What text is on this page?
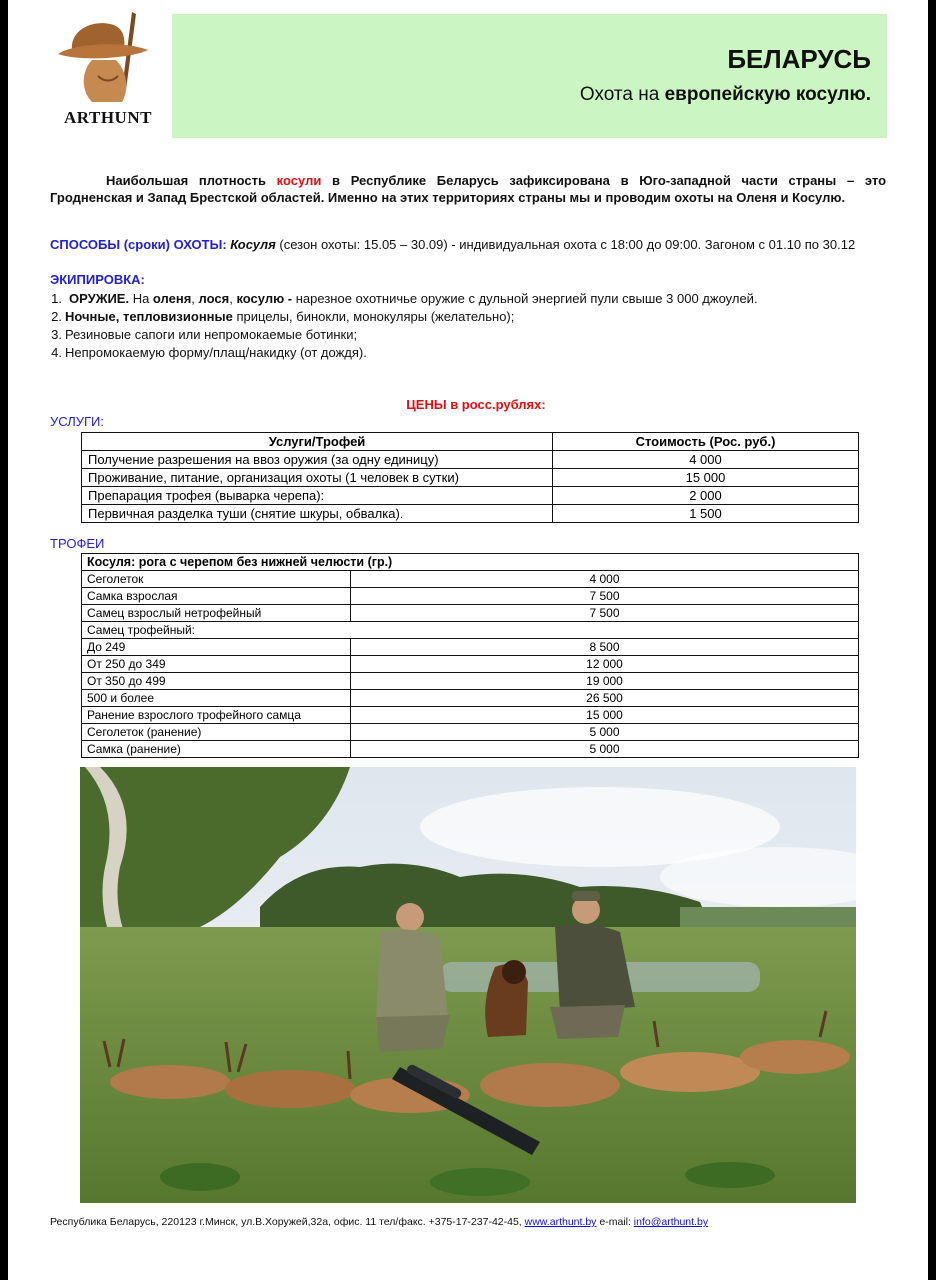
ARTHUNT
БЕЛАРУСЬ
Охота на европейскую косулю.
Наибольшая плотность косули в Республике Беларусь зафиксирована в Юго-западной части страны – это Гродненская и Запад Брестской областей. Именно на этих территориях страны мы и проводим охоты на Оленя и Косулю.
СПОСОБЫ (сроки) ОХОТЫ: Косуля (сезон охоты: 15.05 – 30.09) - индивидуальная охота с 18:00 до 09:00. Загоном с 01.10 по 30.12
ЭКИПИРОВКА:
1. ОРУЖИЕ. На оленя, лося, косулю - нарезное охотничье оружие с дульной энергией пули свыше 3 000 джоулей.
2. Ночные, тепловизионные прицелы, бинокли, монокуляры (желательно);
3. Резиновые сапоги или непромокаемые ботинки;
4. Непромокаемую форму/плащ/накидку (от дождя).
ЦЕНЫ в росс.рублях:
УСЛУГИ:
Услуги/Трофей	Стоимость (Рос. руб.)
Получение разрешения на ввоз оружия (за одну единицу)	4 000
Проживание, питание, организация охоты (1 человек в сутки)	15 000
Препарация трофея (выварка черепа):	2 000
Первичная разделка туши (снятие шкуры, обвалка).	1 500
ТРОФЕИ
Косуля: рога с черепом без нижней челюсти (гр.)	
Сеголеток	4 000
Самка взрослая	7 500
Самец взрослый нетрофейный	7 500
Самец трофейный:	
До 249	8 500
От 250 до 349	12 000
От 350 до 499	19 000
500 и более	26 500
Ранение взрослого трофейного самца	15 000
Сеголеток (ранение)	5 000
Самка (ранение)	5 000
Республика Беларусь, 220123 г.Минск, ул.В.Хоружей,32а, офис. 11 тел/факс. +375-17-237-42-45, www.arthunt.by e-mail: info@arthunt.by
